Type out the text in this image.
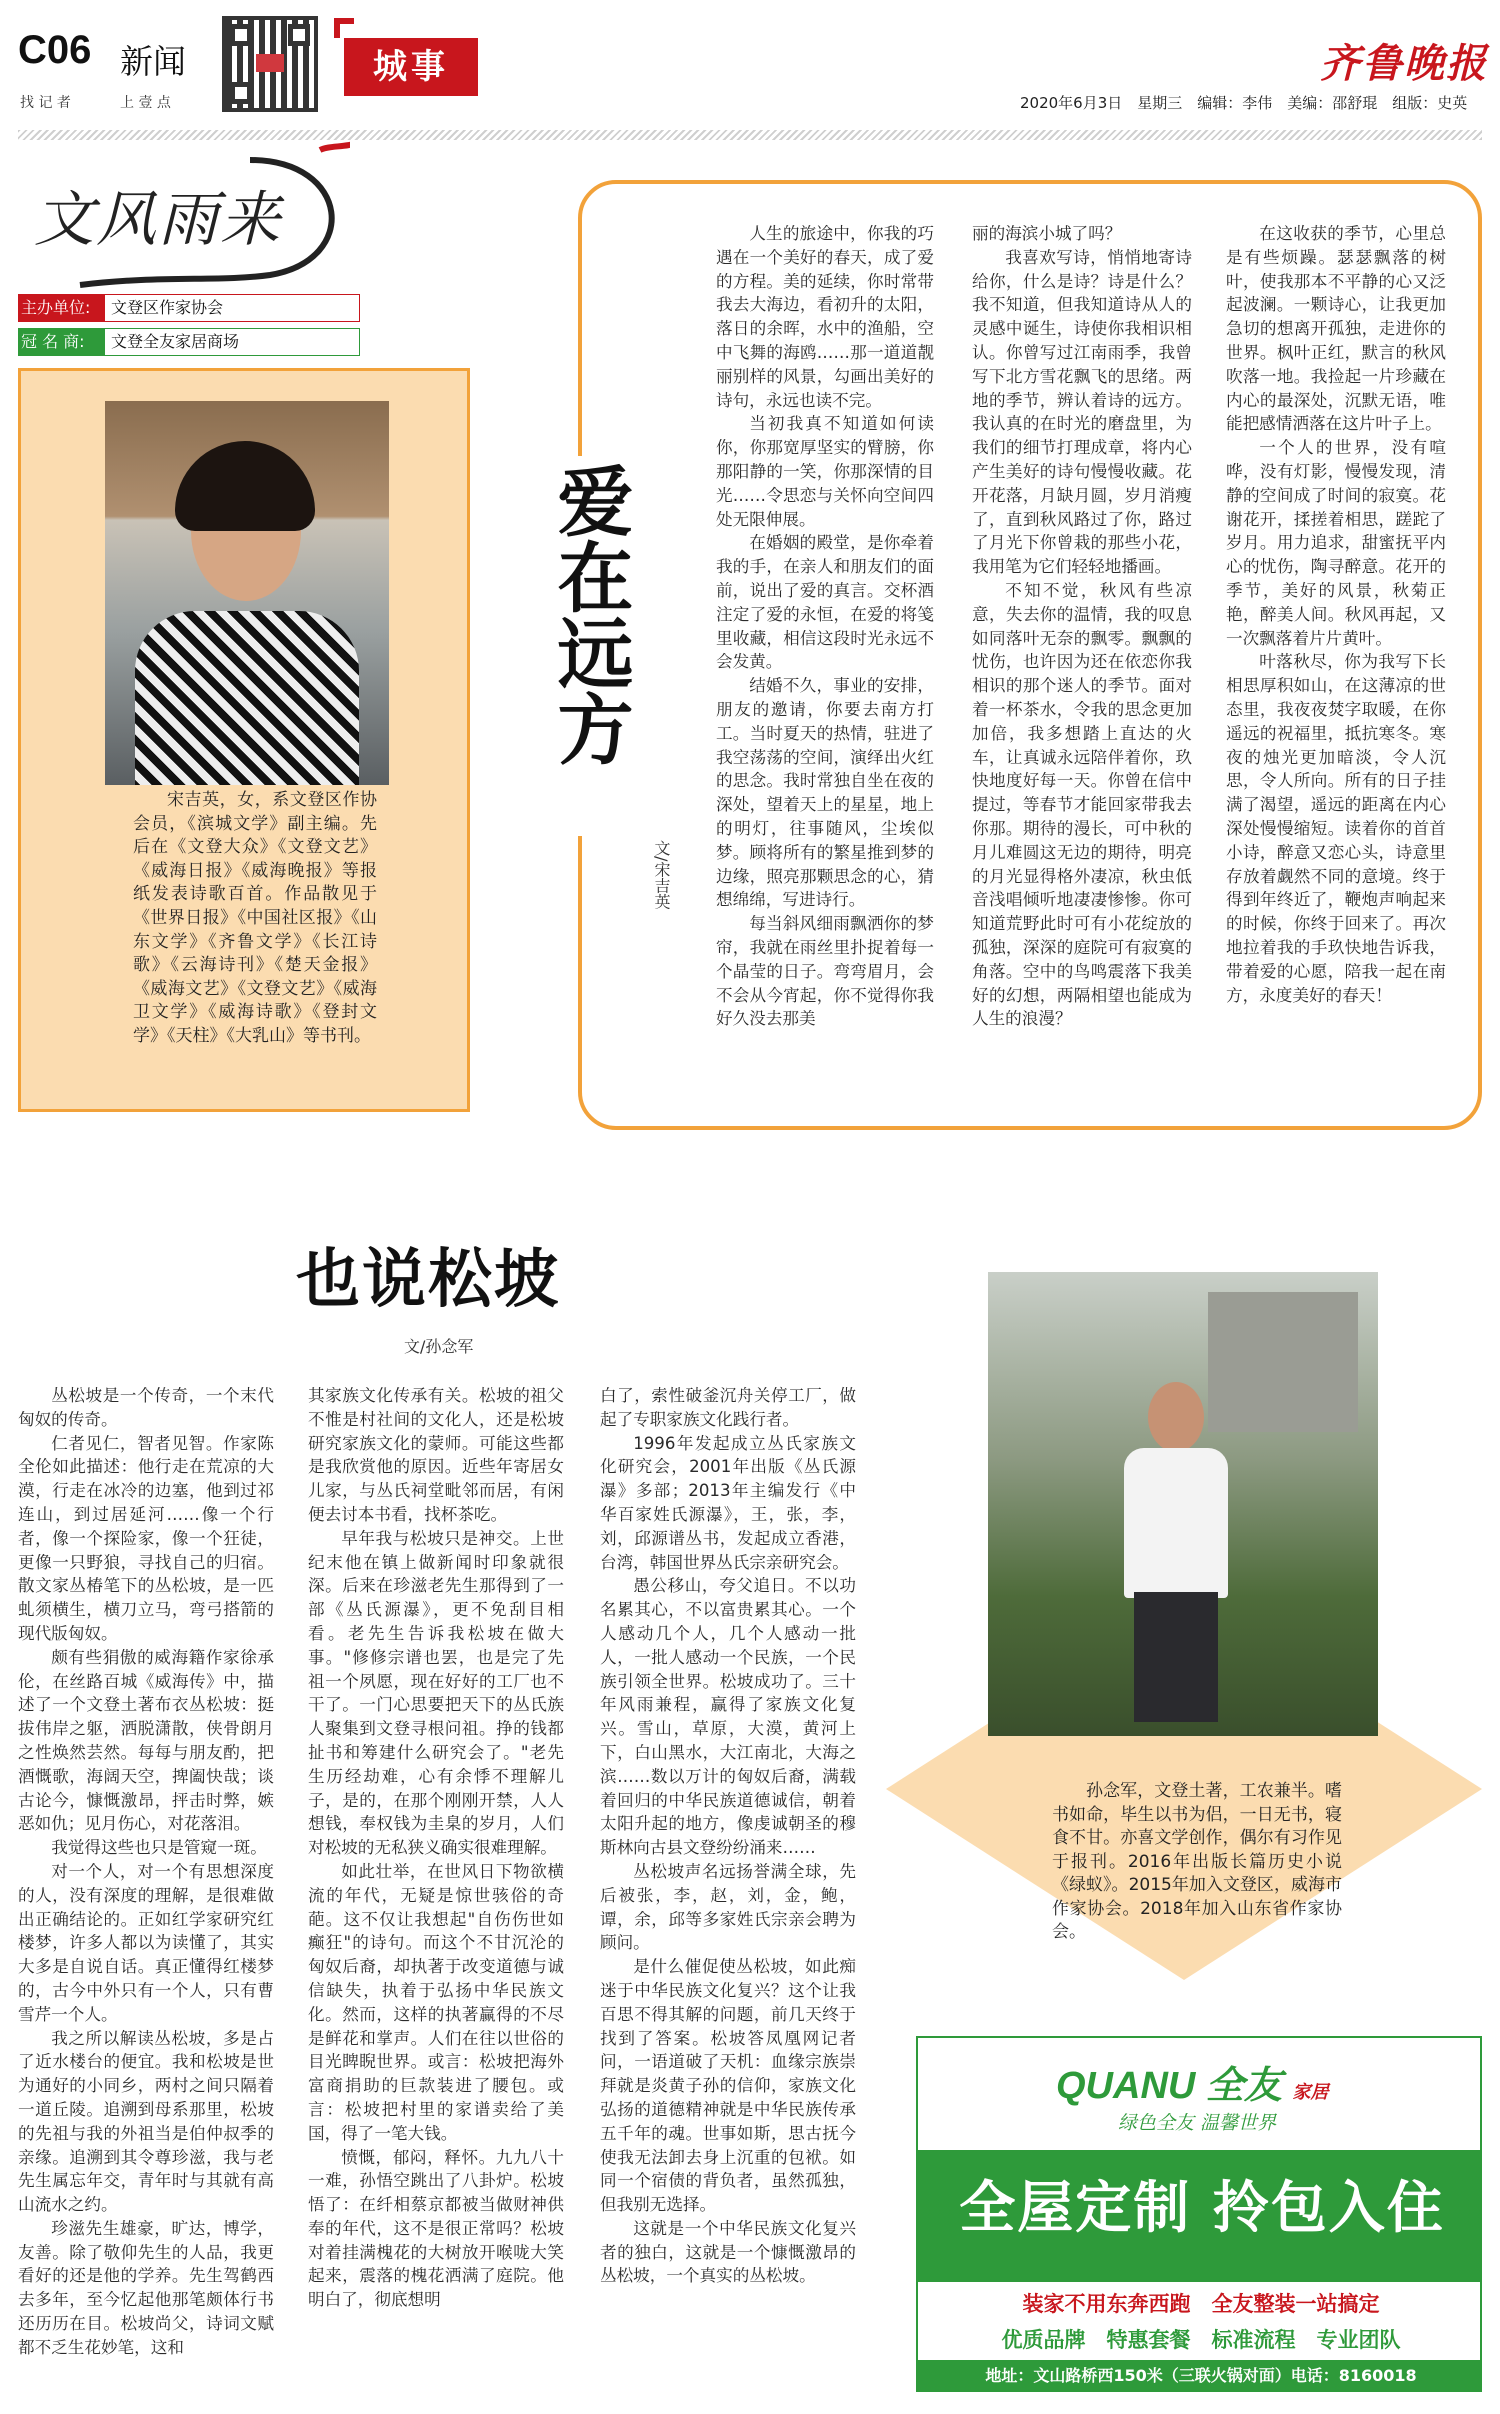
C06 新闻
找 记 者	上 壹 点
城事	齐鲁晚报
2020年6月3日　星期三　编辑：李伟　美编：邵舒琨　组版：史英
文风雨来
主办单位:	文登区作家协会
冠 名 商:	文登全友家居商场
宋吉英，女，系文登区作协会员，《滨城文学》副主编。先后在《文登大众》《文登文艺》《威海日报》《威海晚报》等报纸发表诗歌百首。作品散见于《世界日报》《中国社区报》《山东文学》《齐鲁文学》《长江诗歌》《云海诗刊》《楚天金报》《威海文艺》《文登文艺》《威海卫文学》《威海诗歌》《登封文学》《天柱》《大乳山》等书刊。
爱在远方
文/宋吉英

人生的旅途中，你我的巧遇在一个美好的春天，成了爱的方程。美的延续，你时常带我去大海边，看初升的太阳，落日的余晖，水中的渔船，空中飞舞的海鸥……那一道道靓丽别样的风景，勾画出美好的诗句，永远也读不完。

当初我真不知道如何读你，你那宽厚坚实的臂膀，你那阳静的一笑，你那深情的目光……令思恋与关怀向空间四处无限伸展。

在婚姻的殿堂，是你牵着我的手，在亲人和朋友们的面前，说出了爱的真言。交杯酒注定了爱的永恒，在爱的将笺里收藏，相信这段时光永远不会发黄。

结婚不久，事业的安排，朋友的邀请，你要去南方打工。当时夏天的热情，驻进了我空荡荡的空间，演绎出火红的思念。我时常独自坐在夜的深处，望着天上的星星，地上的明灯，往事随风，尘埃似梦。顾将所有的繁星推到梦的边缘，照亮那颗思念的心，猜想绵绵，写进诗行。

每当斜风细雨飘洒你的梦帘，我就在雨丝里扑捉着每一个晶莹的日子。弯弯眉月，会不会从今宵起，你不觉得你我好久没去那美

丽的海滨小城了吗？

我喜欢写诗，悄悄地寄诗给你，什么是诗？诗是什么？我不知道，但我知道诗从人的灵感中诞生，诗使你我相识相认。你曾写过江南雨季，我曾写下北方雪花飘飞的思绪。两地的季节，辨认着诗的远方。我认真的在时光的磨盘里，为我们的细节打理成章，将内心产生美好的诗句慢慢收藏。花开花落，月缺月圆，岁月消瘦了，直到秋风路过了你，路过了月光下你曾栽的那些小花，我用笔为它们轻轻地播画。

不知不觉，秋风有些凉意，失去你的温情，我的叹息如同落叶无奈的飘零。飘飘的忧伤，也许因为还在依恋你我相识的那个迷人的季节。面对着一杯茶水，令我的思念更加加倍，我多想踏上直达的火车，让真诚永远陪伴着你，玖快地度好每一天。你曾在信中提过，等春节才能回家带我去你那。期待的漫长，可中秋的月儿难圆这无边的期待，明亮的月光显得格外凄凉，秋虫低音浅唱倾听地凄凄惨惨。你可知道荒野此时可有小花绽放的孤独，深深的庭院可有寂寞的角落。空中的鸟鸣震落下我美好的幻想，两隔相望也能成为人生的浪漫？

在这收获的季节，心里总是有些烦躁。瑟瑟飘落的树叶，使我那本不平静的心又泛起波澜。一颗诗心，让我更加急切的想离开孤独，走进你的世界。枫叶正红，默言的秋风吹落一地。我捡起一片珍藏在内心的最深处，沉默无语，唯能把感情洒落在这片叶子上。

一个人的世界，没有喧哗，没有灯影，慢慢发现，清静的空间成了时间的寂寞。花谢花开，揉搓着相思，蹉跎了岁月。用力追求，甜蜜抚平内心的忧伤，陶寻醉意。花开的季节，美好的风景，秋菊正艳，醉美人间。秋风再起，又一次飘落着片片黄叶。

叶落秋尽，你为我写下长相思厚积如山，在这薄凉的世态里，我夜夜焚字取暖，在你遥远的祝福里，抵抗寒冬。寒夜的烛光更加暗淡，令人沉思，令人所向。所有的日子挂满了渴望，遥远的距离在内心深处慢慢缩短。读着你的首首小诗，醉意又恋心头，诗意里存放着觑然不同的意境。终于得到年终近了，鞭炮声响起来的时候，你终于回来了。再次地拉着我的手玖快地告诉我，带着爱的心愿，陪我一起在南方，永度美好的春天！

也说松坡
文/孙念军

丛松坡是一个传奇，一个末代匈奴的传奇。

仁者见仁，智者见智。作家陈全伦如此描述：他行走在荒凉的大漠，行走在冰冷的边塞，他到过祁连山，到过居延河……像一个行者，像一个探险家，像一个狂徒，更像一只野狼，寻找自己的归宿。散文家丛椿笔下的丛松坡，是一匹虬须横生，横刀立马，弯弓搭箭的现代版匈奴。

颇有些狷傲的威海籍作家徐承伦，在丝路百城《威海传》中，描述了一个文登土著布衣丛松坡：挺拔伟岸之躯，洒脱潇散，侠骨朗月之性焕然芸然。每每与朋友酌，把酒慨歌，海阔天空，捭阖快哉；谈古论今，慷慨激昂，抨击时弊，嫉恶如仇；见月伤心，对花落泪。

我觉得这些也只是管窥一斑。

对一个人，对一个有思想深度的人，没有深度的理解，是很难做出正确结论的。正如红学家研究红楼梦，许多人都以为读懂了，其实大多是自说自话。真正懂得红楼梦的，古今中外只有一个人，只有曹雪芹一个人。

我之所以解读丛松坡，多是占了近水楼台的便宜。我和松坡是世为通好的小同乡，两村之间只隔着一道丘陵。追溯到母系那里，松坡的先祖与我的外祖当是伯仲叔季的亲缘。追溯到其令尊珍滋，我与老先生属忘年交，青年时与其就有高山流水之约。

珍滋先生雄豪，旷达，博学，友善。除了敬仰先生的人品，我更看好的还是他的学养。先生驾鹤西去多年，至今忆起他那笔颇体行书还历历在目。松坡尚父，诗词文赋都不乏生花妙笔，这和

其家族文化传承有关。松坡的祖父不惟是村社间的文化人，还是松坡研究家族文化的蒙师。可能这些都是我欣赏他的原因。近些年寄居女儿家，与丛氏祠堂毗邻而居，有闲便去讨本书看，找杯茶吃。

早年我与松坡只是神交。上世纪末他在镇上做新闻时印象就很深。后来在珍滋老先生那得到了一部《丛氏源瀑》，更不免刮目相看。老先生告诉我松坡在做大事。"修修宗谱也罢，也是完了先祖一个夙愿，现在好好的工厂也不干了。一门心思要把天下的丛氏族人聚集到文登寻根问祖。挣的钱都扯书和筹建什么研究会了。"老先生历经劫难，心有余悸不理解儿子，是的，在那个刚刚开禁，人人想钱，奉权钱为圭臬的岁月，人们对松坡的无私狭义确实很难理解。

如此壮举，在世风日下物欲横流的年代，无疑是惊世骇俗的奇葩。这不仅让我想起"自伤伤世如癫狂"的诗句。而这个不甘沉沦的匈奴后裔，却执著于改变道德与诚信缺失，执着于弘扬中华民族文化。然而，这样的执著赢得的不尽是鲜花和掌声。人们在往以世俗的目光睥睨世界。或言：松坡把海外富商捐助的巨款装进了腰包。或言：松坡把村里的家谱卖给了美国，得了一笔大钱。

愤慨，郁闷，释怀。九九八十一难，孙悟空跳出了八卦炉。松坡悟了：在纤相蔡京都被当做财神供奉的年代，这不是很正常吗？松坡对着挂满槐花的大树放开喉咙大笑起来，震落的槐花洒满了庭院。他明白了，彻底想明

白了，索性破釜沉舟关停工厂，做起了专职家族文化践行者。

1996年发起成立丛氏家族文化研究会，2001年出版《丛氏源瀑》多部；2013年主编发行《中华百家姓氏源瀑》，王，张，李，刘，邱源谱丛书，发起成立香港，台湾，韩国世界丛氏宗亲研究会。

愚公移山，夸父追日。不以功名累其心，不以富贵累其心。一个人感动几个人，几个人感动一批人，一批人感动一个民族，一个民族引领全世界。松坡成功了。三十年风雨兼程，赢得了家族文化复兴。雪山，草原，大漠，黄河上下，白山黑水，大江南北，大海之滨……数以万计的匈奴后裔，满载着回归的中华民族道德诚信，朝着太阳升起的地方，像虔诚朝圣的穆斯林向古县文登纷纷涌来……

丛松坡声名远扬誉满全球，先后被张，李，赵，刘，金，鲍，谭，余，邱等多家姓氏宗亲会聘为顾问。

是什么催促使丛松坡，如此痴迷于中华民族文化复兴？这个让我百思不得其解的问题，前几天终于找到了答案。松坡答凤凰网记者问，一语道破了天机：血缘宗族崇拜就是炎黄子孙的信仰，家族文化弘扬的道德精神就是中华民族传承五千年的魂。世事如斯，思古抚今使我无法卸去身上沉重的包袱。如同一个宿债的背负者，虽然孤独，但我别无选择。

这就是一个中华民族文化复兴者的独白，这就是一个慷慨激昂的丛松坡，一个真实的丛松坡。

孙念军，文登土著，工农兼半。嗜书如命，毕生以书为侣，一日无书，寝食不甘。亦喜文学创作，偶尔有习作见于报刊。2016年出版长篇历史小说《绿蚁》。2015年加入文登区，威海市作家协会。2018年加入山东省作家协会。
QUANU 全友 家居
绿色全友 温馨世界
全屋定制 拎包入住
装家不用东奔西跑　全友整装一站搞定
优质品牌　特惠套餐　标准流程　专业团队
地址：文山路桥西150米（三联火锅对面）电话：8160018
